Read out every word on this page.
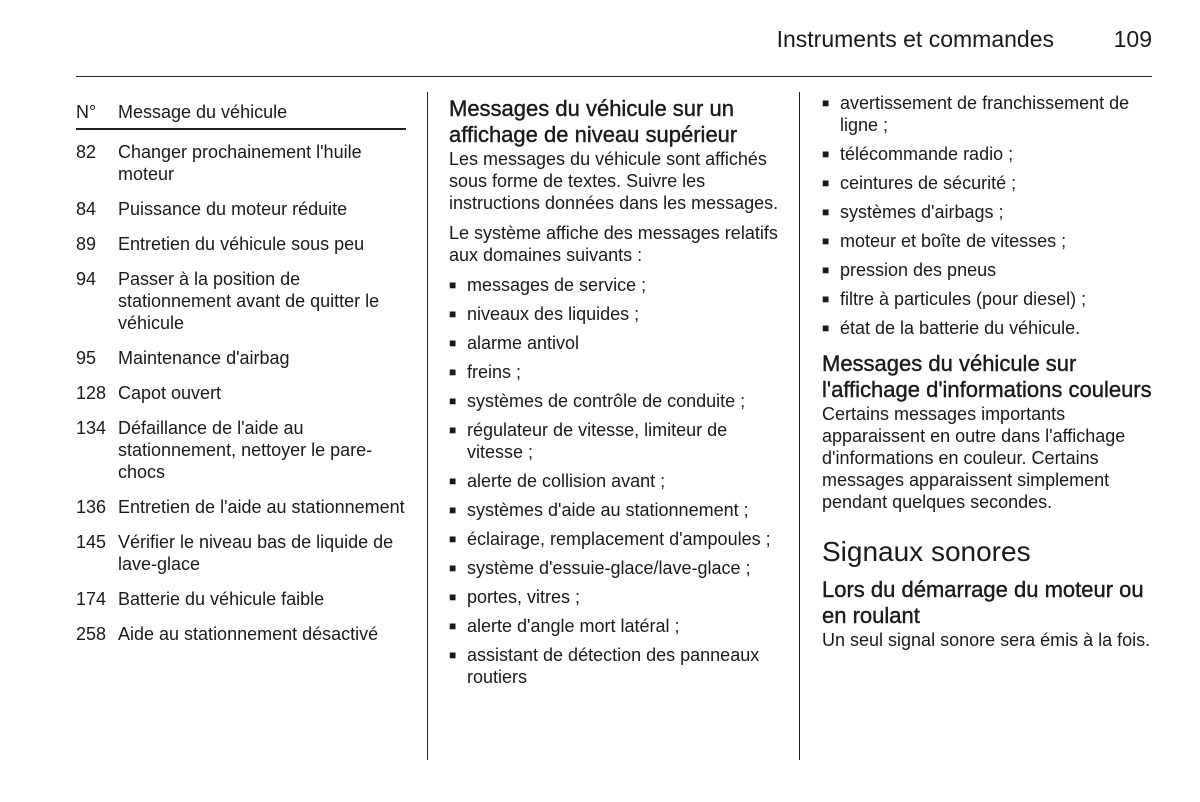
Instruments et commandes	109
N°	Message du véhicule
82	Changer prochainement l'huile moteur
84	Puissance du moteur réduite
89	Entretien du véhicule sous peu
94	Passer à la position de stationnement avant de quitter le véhicule
95	Maintenance d'airbag
128 Capot ouvert
134 Défaillance de l'aide au stationnement, nettoyer le pare-chocs
136 Entretien de l'aide au stationnement
145 Vérifier le niveau bas de liquide de lave-glace
174 Batterie du véhicule faible
258 Aide au stationnement désactivé
Messages du véhicule sur un affichage de niveau supérieur

Les messages du véhicule sont affichés sous forme de textes. Suivre les instructions données dans les messages.

Le système affiche des messages relatifs aux domaines suivants :

■ messages de service ;
■ niveaux des liquides ;
■ alarme antivol
■ freins ;
■ systèmes de contrôle de conduite ;
■ régulateur de vitesse, limiteur de vitesse ;
■ alerte de collision avant ;
■ systèmes d'aide au stationnement ;
■ éclairage, remplacement d'ampoules ;
■ système d'essuie-glace/lave-glace ;
■ portes, vitres ;
■ alerte d'angle mort latéral ;
■ assistant de détection des panneaux routiers
■ avertissement de franchissement de ligne ;
■ télécommande radio ;
■ ceintures de sécurité ;
■ systèmes d'airbags ;
■ moteur et boîte de vitesses ;
■ pression des pneus
■ filtre à particules (pour diesel) ;
■ état de la batterie du véhicule.
Messages du véhicule sur l'affichage d'informations couleurs

Certains messages importants apparaissent en outre dans l'affichage d'informations en couleur. Certains messages apparaissent simplement pendant quelques secondes.

Signaux sonores
Lors du démarrage du moteur ou en roulant

Un seul signal sonore sera émis à la fois.
